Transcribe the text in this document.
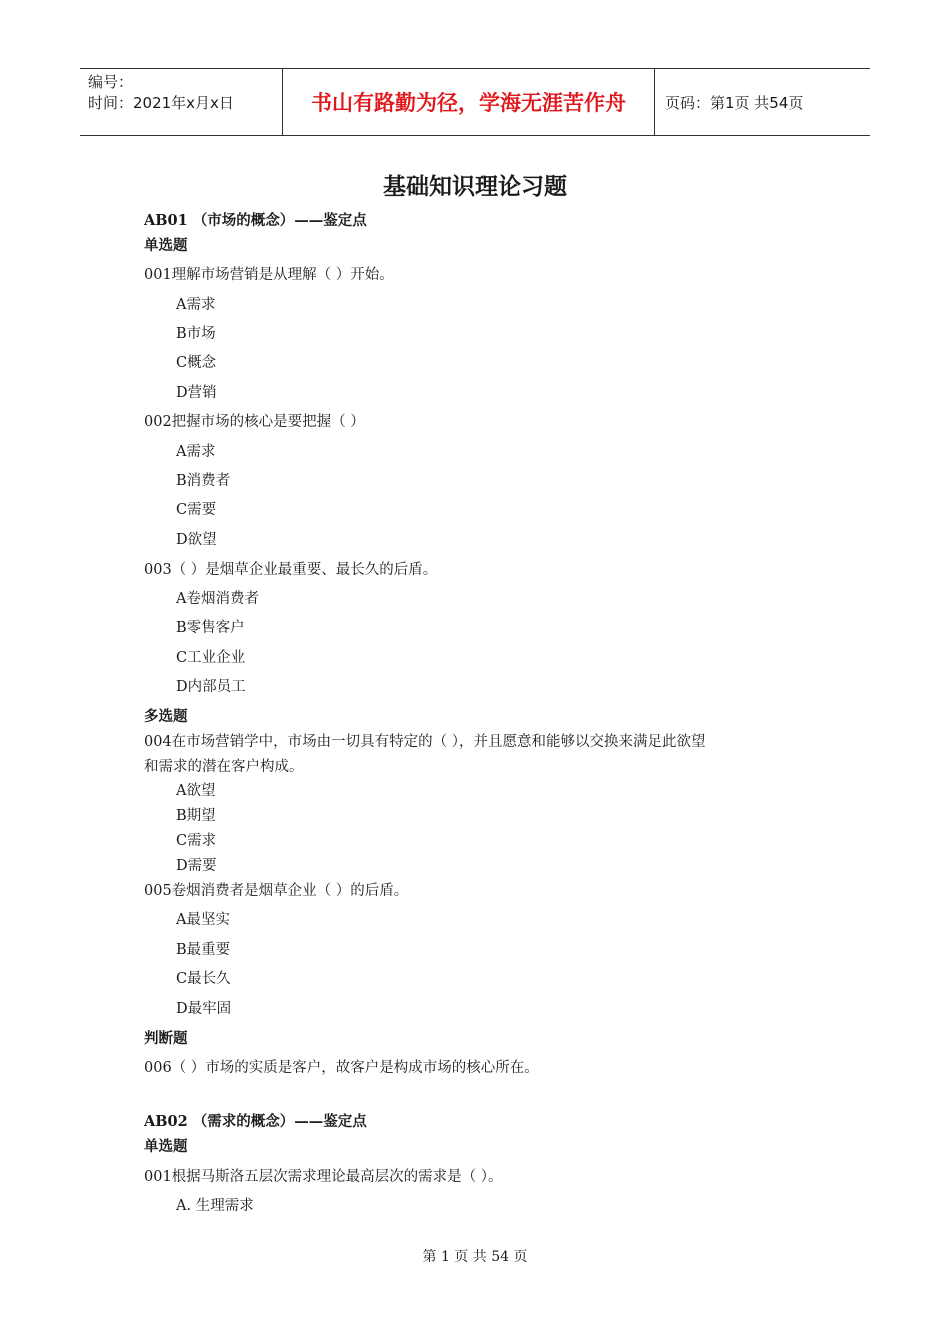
编号：
时间：2021年x月x日	书山有路勤为径，学海无涯苦作舟	页码：第1页 共54页
基础知识理论习题
AB01 （市场的概念）——鉴定点
单选题
001理解市场营销是从理解（ ）开始。
A需求
B市场
C概念
D营销
002把握市场的核心是要把握（ ）
A需求
B消费者
C需要
D欲望
003（ ）是烟草企业最重要、最长久的后盾。
A卷烟消费者
B零售客户
C工业企业
D内部员工
多选题
004在市场营销学中，市场由一切具有特定的（ ），并且愿意和能够以交换来满足此欲望
和需求的潜在客户构成。
A欲望
B期望
C需求
D需要
005卷烟消费者是烟草企业（ ）的后盾。
A最坚实
B最重要
C最长久
D最牢固
判断题
006（ ）市场的实质是客户，故客户是构成市场的核心所在。
AB02 （需求的概念）——鉴定点
单选题
001根据马斯洛五层次需求理论最高层次的需求是（ ）。
A. 生理需求
第 1 页 共 54 页
